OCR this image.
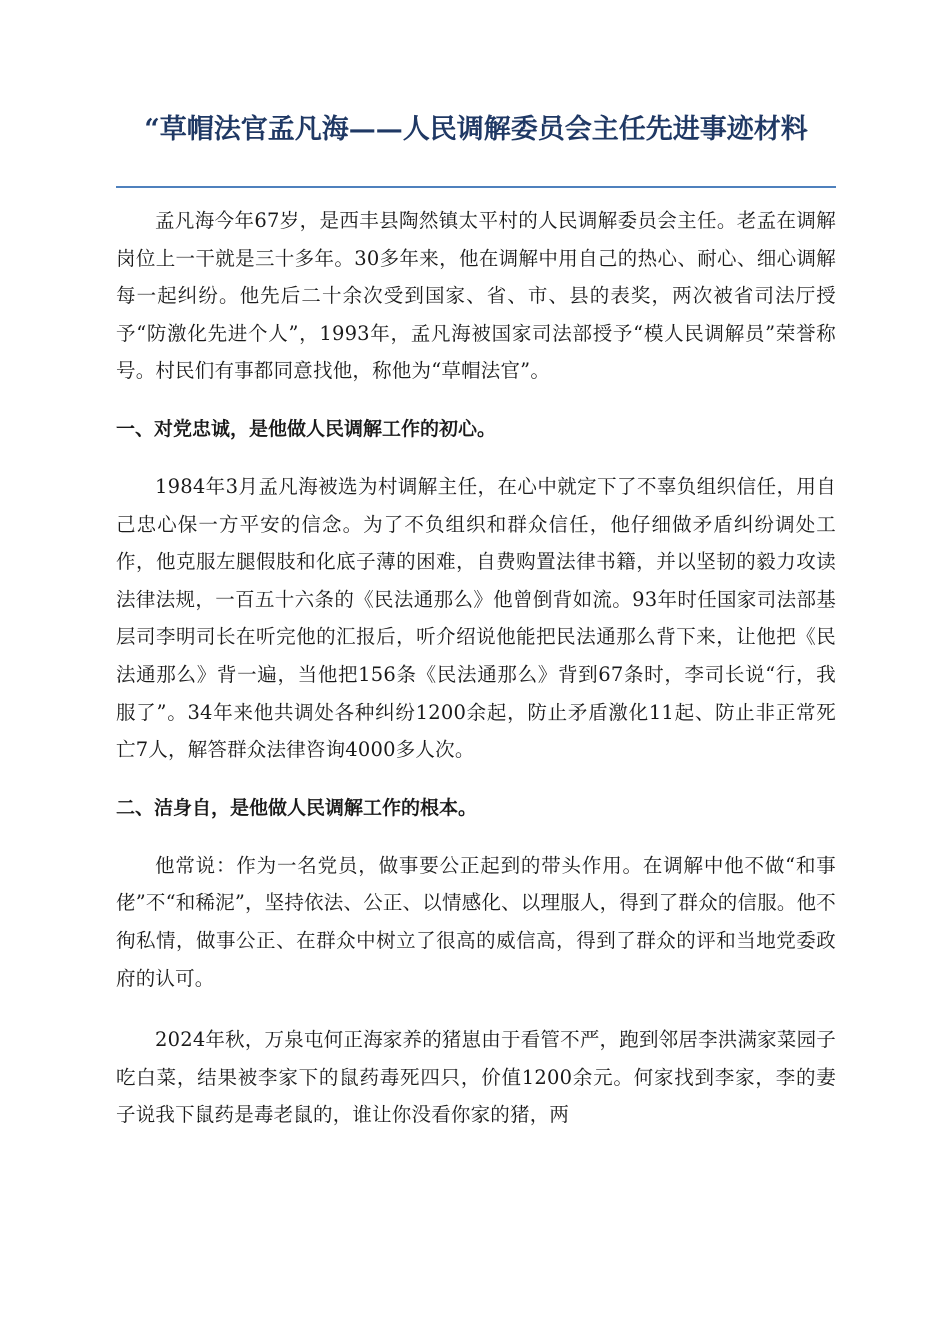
“草帽法官孟凡海——人民调解委员会主任先进事迹材料

孟凡海今年67岁，是西丰县陶然镇太平村的人民调解委员会主任。老孟在调解岗位上一干就是三十多年。30多年来，他在调解中用自己的热心、耐心、细心调解每一起纠纷。他先后二十余次受到国家、省、市、县的表奖，两次被省司法厅授予“防激化先进个人”，1993年，孟凡海被国家司法部授予“模人民调解员”荣誉称号。村民们有事都同意找他，称他为“草帽法官”。

一、对党忠诚，是他做人民调解工作的初心。

1984年3月孟凡海被选为村调解主任，在心中就定下了不辜负组织信任，用自己忠心保一方平安的信念。为了不负组织和群众信任，他仔细做矛盾纠纷调处工作，他克服左腿假肢和化底子薄的困难，自费购置法律书籍，并以坚韧的毅力攻读法律法规，一百五十六条的《民法通那么》他曾倒背如流。93年时任国家司法部基层司李明司长在听完他的汇报后，听介绍说他能把民法通那么背下来，让他把《民法通那么》背一遍，当他把156条《民法通那么》背到67条时，李司长说“行，我服了”。34年来他共调处各种纠纷1200余起，防止矛盾激化11起、防止非正常死亡7人，解答群众法律咨询4000多人次。

二、洁身自，是他做人民调解工作的根本。

他常说：作为一名党员，做事要公正起到的带头作用。在调解中他不做“和事佬”不“和稀泥”，坚持依法、公正、以情感化、以理服人，得到了群众的信服。他不徇私情，做事公正、在群众中树立了很高的威信高，得到了群众的评和当地党委政府的认可。

2024年秋，万泉屯何正海家养的猪崽由于看管不严，跑到邻居李洪满家菜园子吃白菜，结果被李家下的鼠药毒死四只，价值1200余元。何家找到李家，李的妻子说我下鼠药是毒老鼠的，谁让你没看你家的猪，两
